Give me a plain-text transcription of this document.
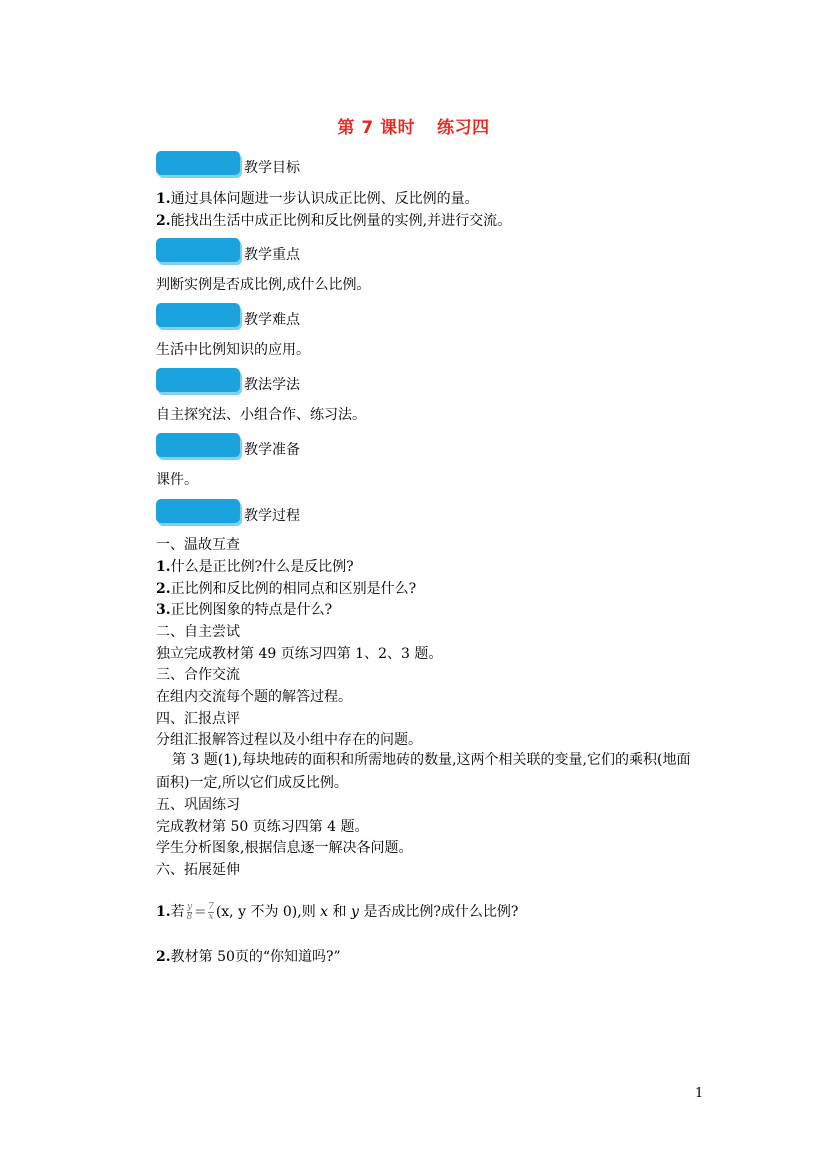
第 7 课时 练习四
教学目标
1.通过具体问题进一步认识成正比例、反比例的量。
2.能找出生活中成正比例和反比例量的实例,并进行交流。
教学重点
判断实例是否成比例,成什么比例。
教学难点
生活中比例知识的应用。
教法学法
自主探究法、小组合作、练习法。
教学准备
课件。
教学过程
一、温故互查
1.什么是正比例?什么是反比例?
2.正比例和反比例的相同点和区别是什么?
3.正比例图象的特点是什么?
二、自主尝试
独立完成教材第 49 页练习四第 1、2、3 题。
三、合作交流
在组内交流每个题的解答过程。
四、汇报点评
分组汇报解答过程以及小组中存在的问题。
第 3 题(1),每块地砖的面积和所需地砖的数量,这两个相关联的变量,它们的乘积(地面面积)一定,所以它们成反比例。
五、巩固练习
完成教材第 50 页练习四第 4 题。
学生分析图象,根据信息逐一解决各问题。
六、拓展延伸
1.若 $\frac{y}{8} = \frac{7}{x} (x$, y 不为 0),则 x 和 y 是否成比例?成什么比例?
2.教材第 50页的“你知道吗?”
1
